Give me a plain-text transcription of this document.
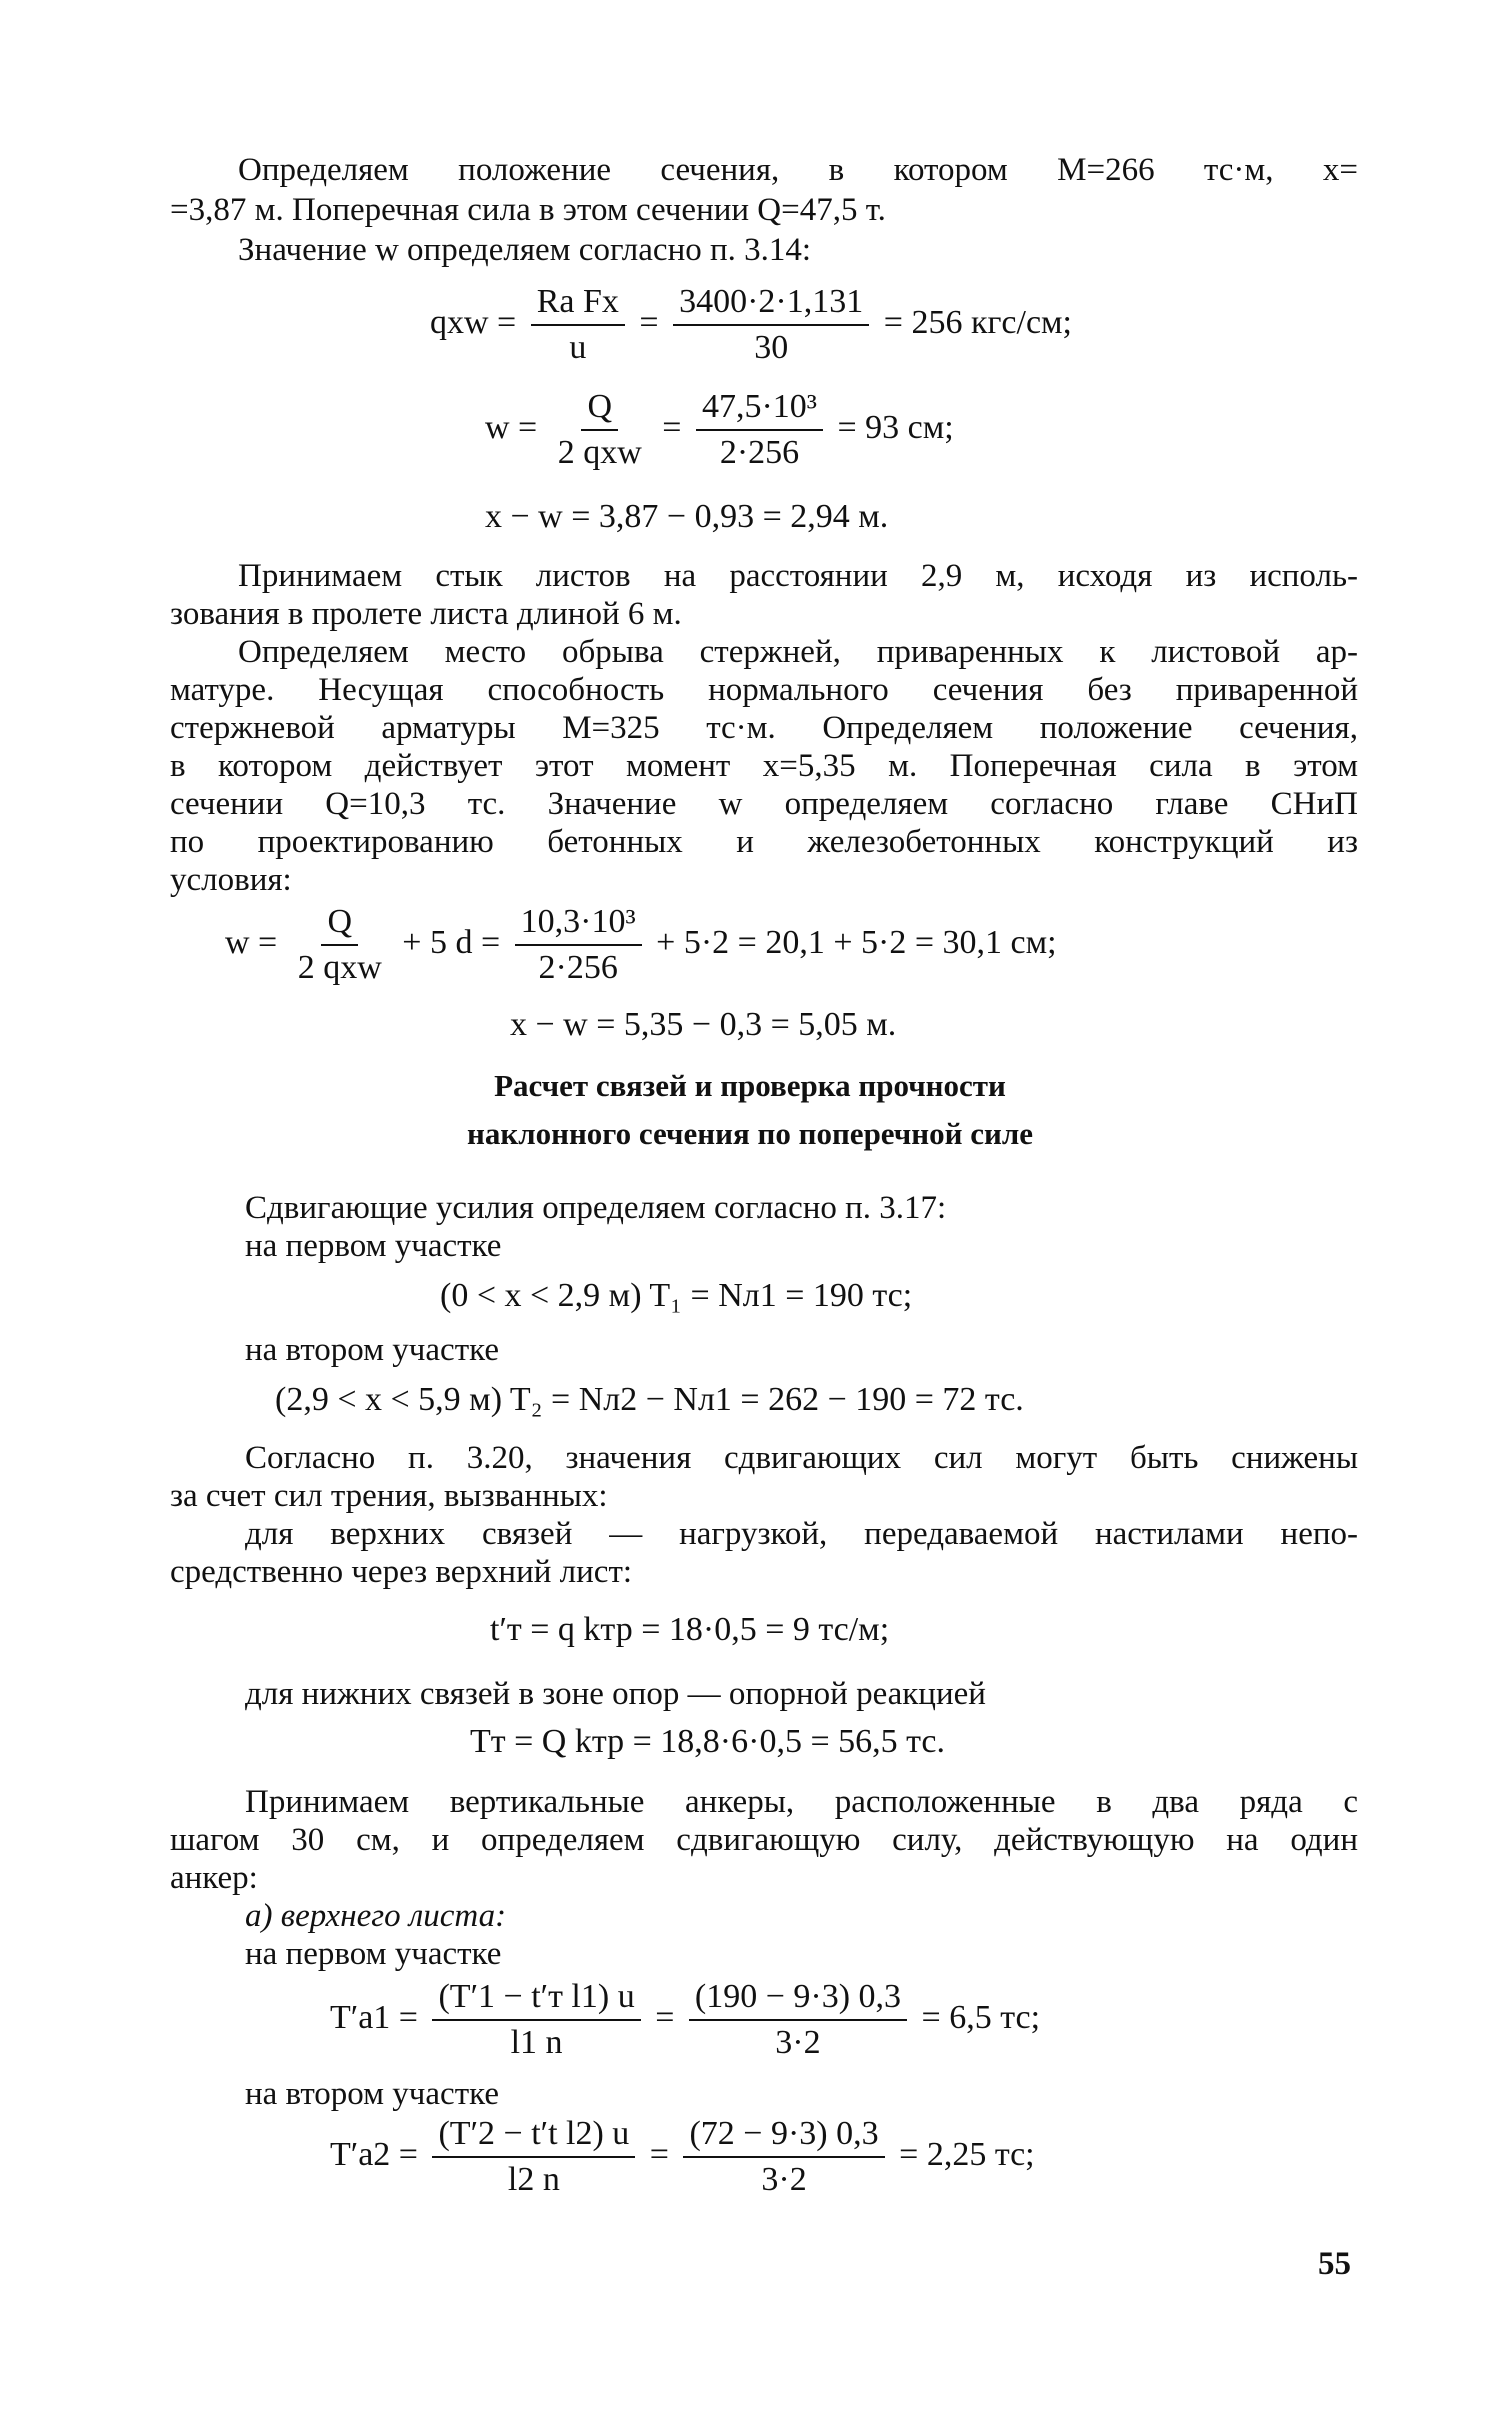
Определяем положение сечения, в котором M=266 тс·м, x=
=3,87 м. Поперечная сила в этом сечении Q=47,5 т.
Значение w определяем согласно п. 3.14:
qxw = $\frac{\text{Ra Fx}}{u} = \frac{3400\cdot 2\cdot 1,131}{30} = 256$ кгс/см;
$w = \frac{Q}{\text{2 qxw}} = \frac{\text{47,5·10³}}{2\cdot 256} = 93$ см;
x − w = 3,87 − 0,93 = 2,94 м.
Принимаем стык листов на расстоянии 2,9 м, исходя из исполь-
зования в пролете листа длиной 6 м.
Определяем место обрыва стержней, приваренных к листовой ар-
матуре. Несущая способность нормального сечения без приваренной
стержневой арматуры M=325 тс·м. Определяем положение сечения,
в котором действует этот момент x=5,35 м. Поперечная сила в этом
сечении Q=10,3 тс. Значение w определяем согласно главе СНиП
по проектированию бетонных и железобетонных конструкций из
условия:
$w = \frac{Q}{\text{2 qxw}} + 5$ $d = \frac{\text{10,3·10³}}{2\cdot 256} + 5\cdot 2 = 20,1 + 5\cdot 2 = 30,1$ см;
x − w = 5,35 − 0,3 = 5,05 м.
Расчет связей и проверка прочности
наклонного сечения по поперечной силе
Сдвигающие усилия определяем согласно п. 3.17:
на первом участке
(0 < x < 2,9 м) T₁ = Nл1 = 190 тс;
на втором участке
(2,9 < x < 5,9 м) T₂ = Nл2 − Nл1 = 262 − 190 = 72 тс.
Согласно п. 3.20, значения сдвигающих сил могут быть снижены
за счет сил трения, вызванных:
для верхних связей — нагрузкой, передаваемой настилами непо-
средственно через верхний лист:
t′т = q kтр = 18·0,5 = 9 тс/м;
для нижних связей в зоне опор — опорной реакцией
Tт = Q kтр = 18,8·6·0,5 = 56,5 тс.
Принимаем вертикальные анкеры, расположенные в два ряда с
шагом 30 см, и определяем сдвигающую силу, действующую на один
анкер:
а) верхнего листа:
на первом участке
$T'a1 = \frac{\text{(T′1 − t′т l1) u}}{l1 n} = \frac{(190 - 9\cdot 3) 0,3}{3\cdot 2} = 6,5$ тс;
на втором участке
$T'a2 = \frac{\text{(T′2 − t′t l2) u}}{l2 n} = \frac{(72 - 9\cdot 3) 0,3}{3\cdot 2} = 2,25$ тс;
55
